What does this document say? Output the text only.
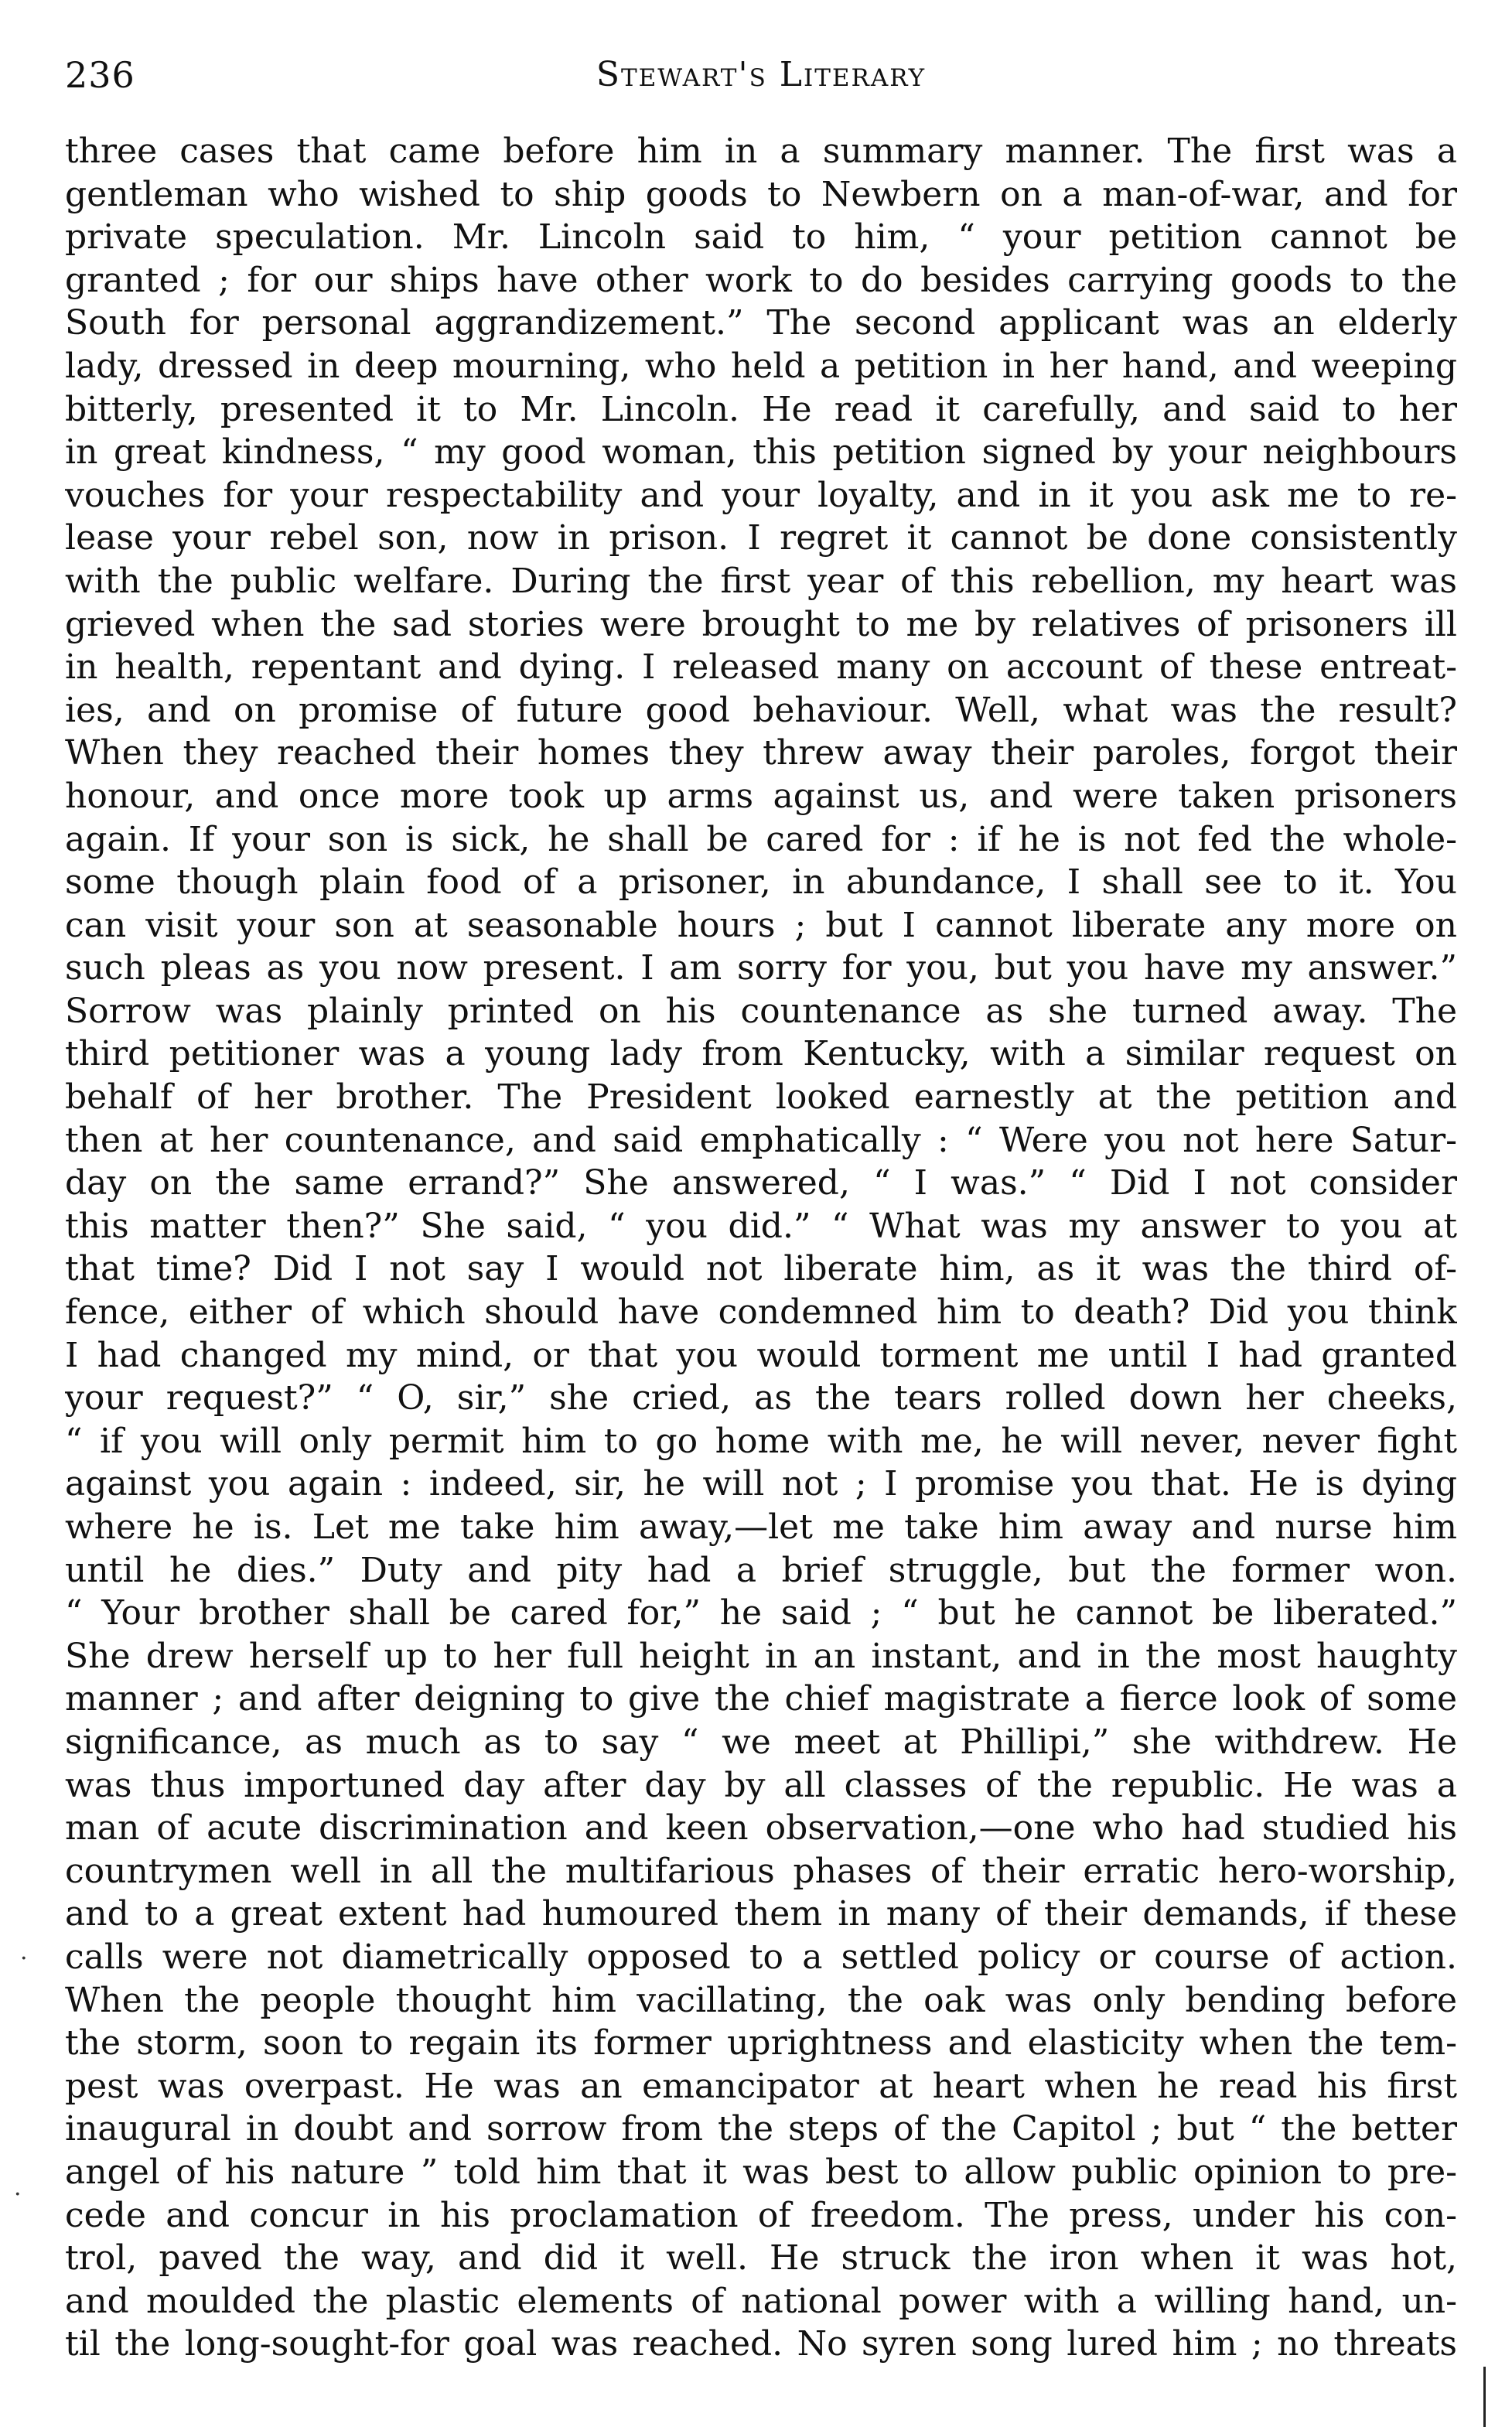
236	Stewart's Literary
three cases that came before him in a summary manner. The first was a
gentleman who wished to ship goods to Newbern on a man-of-war, and for
private speculation. Mr. Lincoln said to him, “ your petition cannot be
granted ; for our ships have other work to do besides carrying goods to the
South for personal aggrandizement.” The second applicant was an elderly
lady, dressed in deep mourning, who held a petition in her hand, and weeping
bitterly, presented it to Mr. Lincoln. He read it carefully, and said to her
in great kindness, “ my good woman, this petition signed by your neighbours
vouches for your respectability and your loyalty, and in it you ask me to re-
lease your rebel son, now in prison. I regret it cannot be done consistently
with the public welfare. During the first year of this rebellion, my heart was
grieved when the sad stories were brought to me by relatives of prisoners ill
in health, repentant and dying. I released many on account of these entreat-
ies, and on promise of future good behaviour. Well, what was the result?
When they reached their homes they threw away their paroles, forgot their
honour, and once more took up arms against us, and were taken prisoners
again. If your son is sick, he shall be cared for : if he is not fed the whole-
some though plain food of a prisoner, in abundance, I shall see to it. You
can visit your son at seasonable hours ; but I cannot liberate any more on
such pleas as you now present. I am sorry for you, but you have my answer.”
Sorrow was plainly printed on his countenance as she turned away. The
third petitioner was a young lady from Kentucky, with a similar request on
behalf of her brother. The President looked earnestly at the petition and
then at her countenance, and said emphatically : “ Were you not here Satur-
day on the same errand?” She answered, “ I was.” “ Did I not consider
this matter then?” She said, “ you did.” “ What was my answer to you at
that time? Did I not say I would not liberate him, as it was the third of-
fence, either of which should have condemned him to death? Did you think
I had changed my mind, or that you would torment me until I had granted
your request?” “ O, sir,” she cried, as the tears rolled down her cheeks,
“ if you will only permit him to go home with me, he will never, never fight
against you again : indeed, sir, he will not ; I promise you that. He is dying
where he is. Let me take him away,—let me take him away and nurse him
until he dies.” Duty and pity had a brief struggle, but the former won.
“ Your brother shall be cared for,” he said ; “ but he cannot be liberated.”
She drew herself up to her full height in an instant, and in the most haughty
manner ; and after deigning to give the chief magistrate a fierce look of some
significance, as much as to say “ we meet at Phillipi,” she withdrew. He
was thus importuned day after day by all classes of the republic. He was a
man of acute discrimination and keen observation,—one who had studied his
countrymen well in all the multifarious phases of their erratic hero-worship,
and to a great extent had humoured them in many of their demands, if these
calls were not diametrically opposed to a settled policy or course of action.
When the people thought him vacillating, the oak was only bending before
the storm, soon to regain its former uprightness and elasticity when the tem-
pest was overpast. He was an emancipator at heart when he read his first
inaugural in doubt and sorrow from the steps of the Capitol ; but “ the better
angel of his nature ” told him that it was best to allow public opinion to pre-
cede and concur in his proclamation of freedom. The press, under his con-
trol, paved the way, and did it well. He struck the iron when it was hot,
and moulded the plastic elements of national power with a willing hand, un-
til the long-sought-for goal was reached. No syren song lured him ; no threats
·
·
